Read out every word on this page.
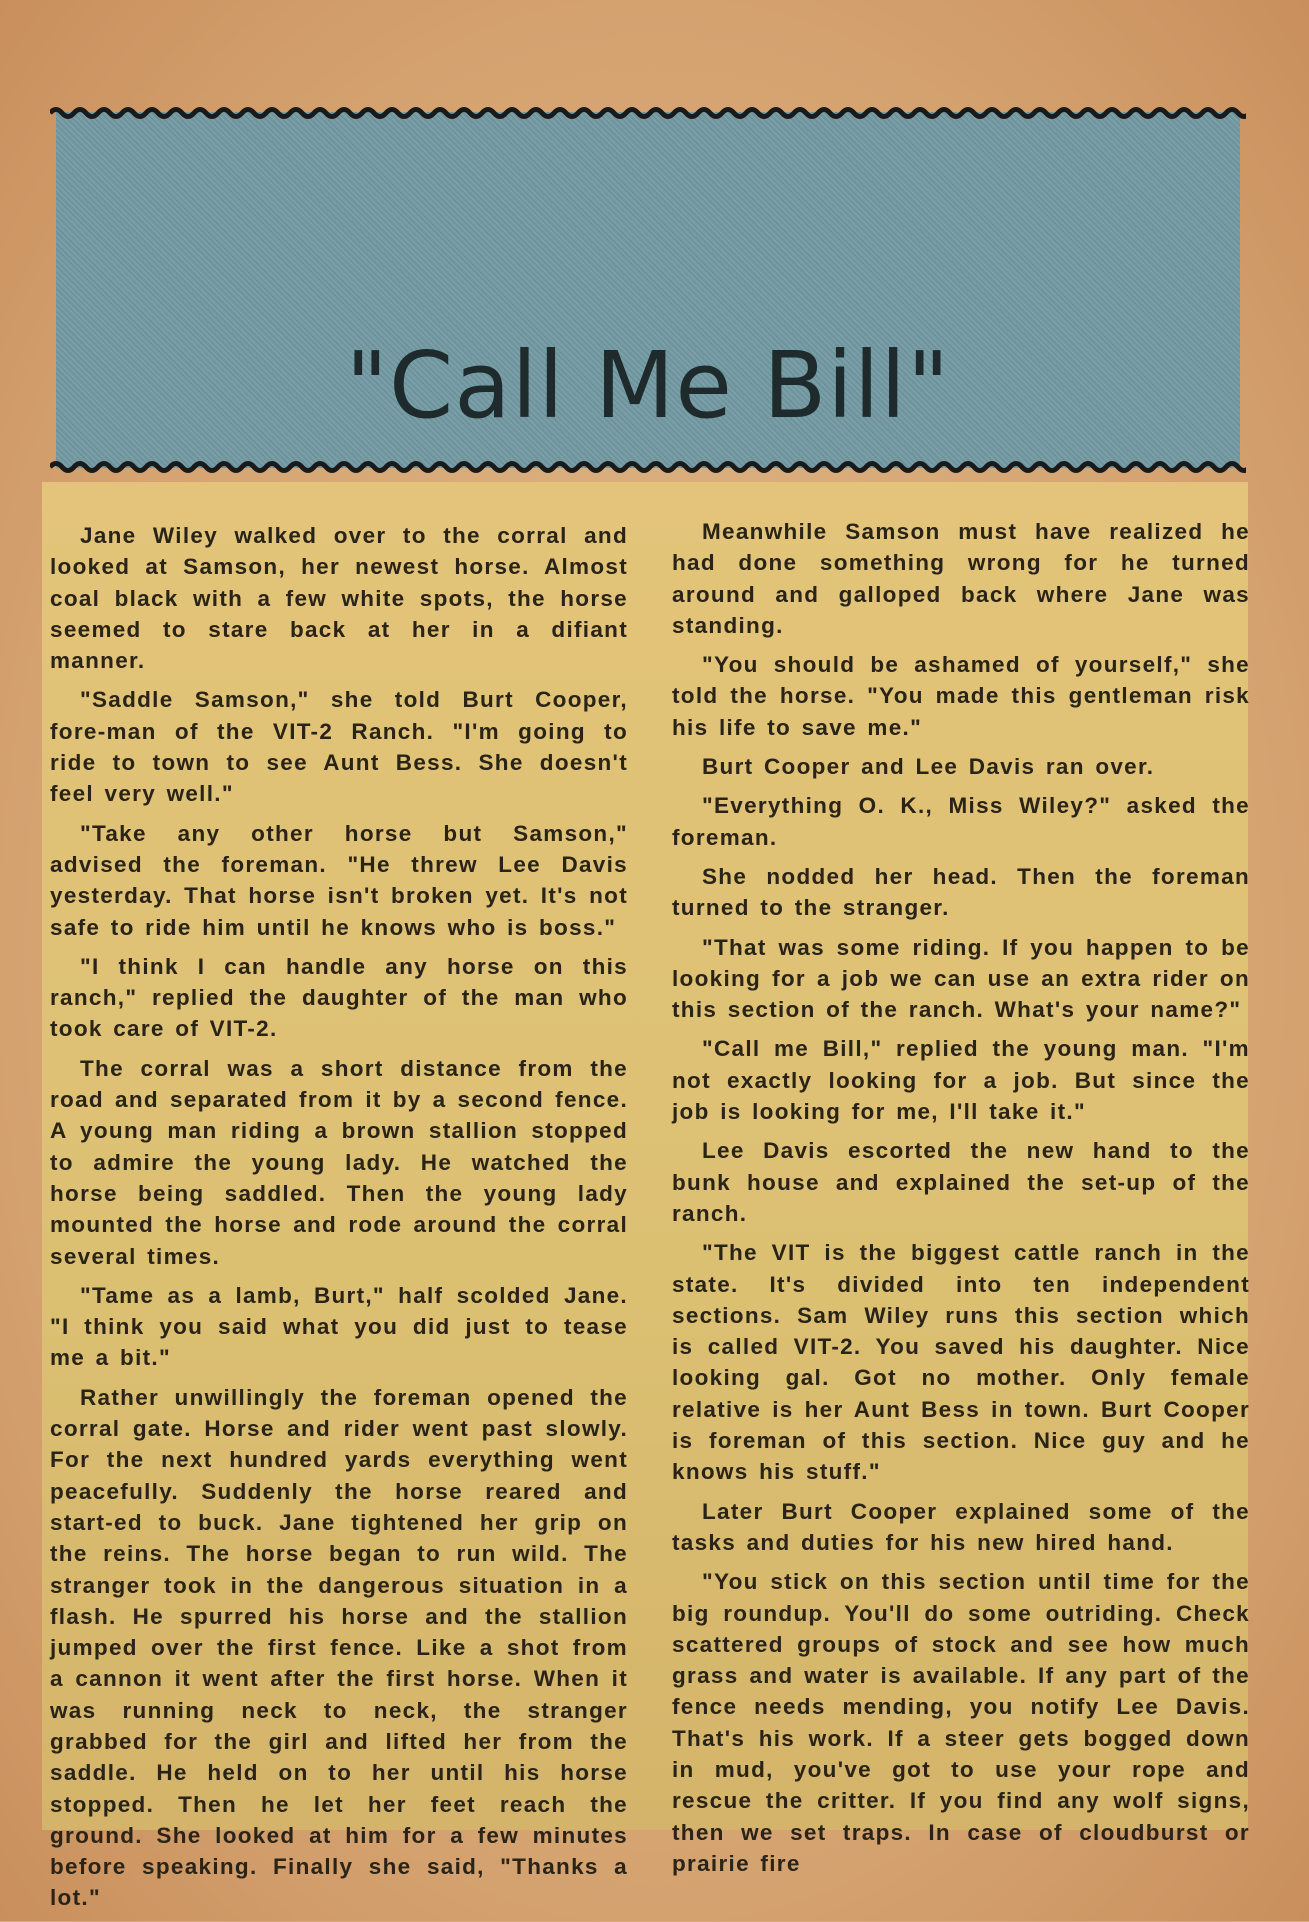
"Call Me Bill"

Jane Wiley walked over to the corral and looked at Samson, her newest horse. Almost coal black with a few white spots, the horse seemed to stare back at her in a difiant manner.

"Saddle Samson," she told Burt Cooper, fore-man of the VIT-2 Ranch. "I'm going to ride to town to see Aunt Bess. She doesn't feel very well."

"Take any other horse but Samson," advised the foreman. "He threw Lee Davis yesterday. That horse isn't broken yet. It's not safe to ride him until he knows who is boss."

"I think I can handle any horse on this ranch," replied the daughter of the man who took care of VIT-2.

The corral was a short distance from the road and separated from it by a second fence. A young man riding a brown stallion stopped to admire the young lady. He watched the horse being saddled. Then the young lady mounted the horse and rode around the corral several times.

"Tame as a lamb, Burt," half scolded Jane. "I think you said what you did just to tease me a bit."

Rather unwillingly the foreman opened the corral gate. Horse and rider went past slowly. For the next hundred yards everything went peacefully. Suddenly the horse reared and start-ed to buck. Jane tightened her grip on the reins. The horse began to run wild. The stranger took in the dangerous situation in a flash. He spurred his horse and the stallion jumped over the first fence. Like a shot from a cannon it went after the first horse. When it was running neck to neck, the stranger grabbed for the girl and lifted her from the saddle. He held on to her until his horse stopped. Then he let her feet reach the ground. She looked at him for a few minutes before speaking. Finally she said, "Thanks a lot."

Meanwhile Samson must have realized he had done something wrong for he turned around and galloped back where Jane was standing.

"You should be ashamed of yourself," she told the horse. "You made this gentleman risk his life to save me."

Burt Cooper and Lee Davis ran over.

"Everything O. K., Miss Wiley?" asked the foreman.

She nodded her head. Then the foreman turned to the stranger.

"That was some riding. If you happen to be looking for a job we can use an extra rider on this section of the ranch. What's your name?"

"Call me Bill," replied the young man. "I'm not exactly looking for a job. But since the job is looking for me, I'll take it."

Lee Davis escorted the new hand to the bunk house and explained the set-up of the ranch.

"The VIT is the biggest cattle ranch in the state. It's divided into ten independent sections. Sam Wiley runs this section which is called VIT-2. You saved his daughter. Nice looking gal. Got no mother. Only female relative is her Aunt Bess in town. Burt Cooper is foreman of this section. Nice guy and he knows his stuff."

Later Burt Cooper explained some of the tasks and duties for his new hired hand.

"You stick on this section until time for the big roundup. You'll do some outriding. Check scattered groups of stock and see how much grass and water is available. If any part of the fence needs mending, you notify Lee Davis. That's his work. If a steer gets bogged down in mud, you've got to use your rope and rescue the critter. If you find any wolf signs, then we set traps. In case of cloudburst or prairie fire
